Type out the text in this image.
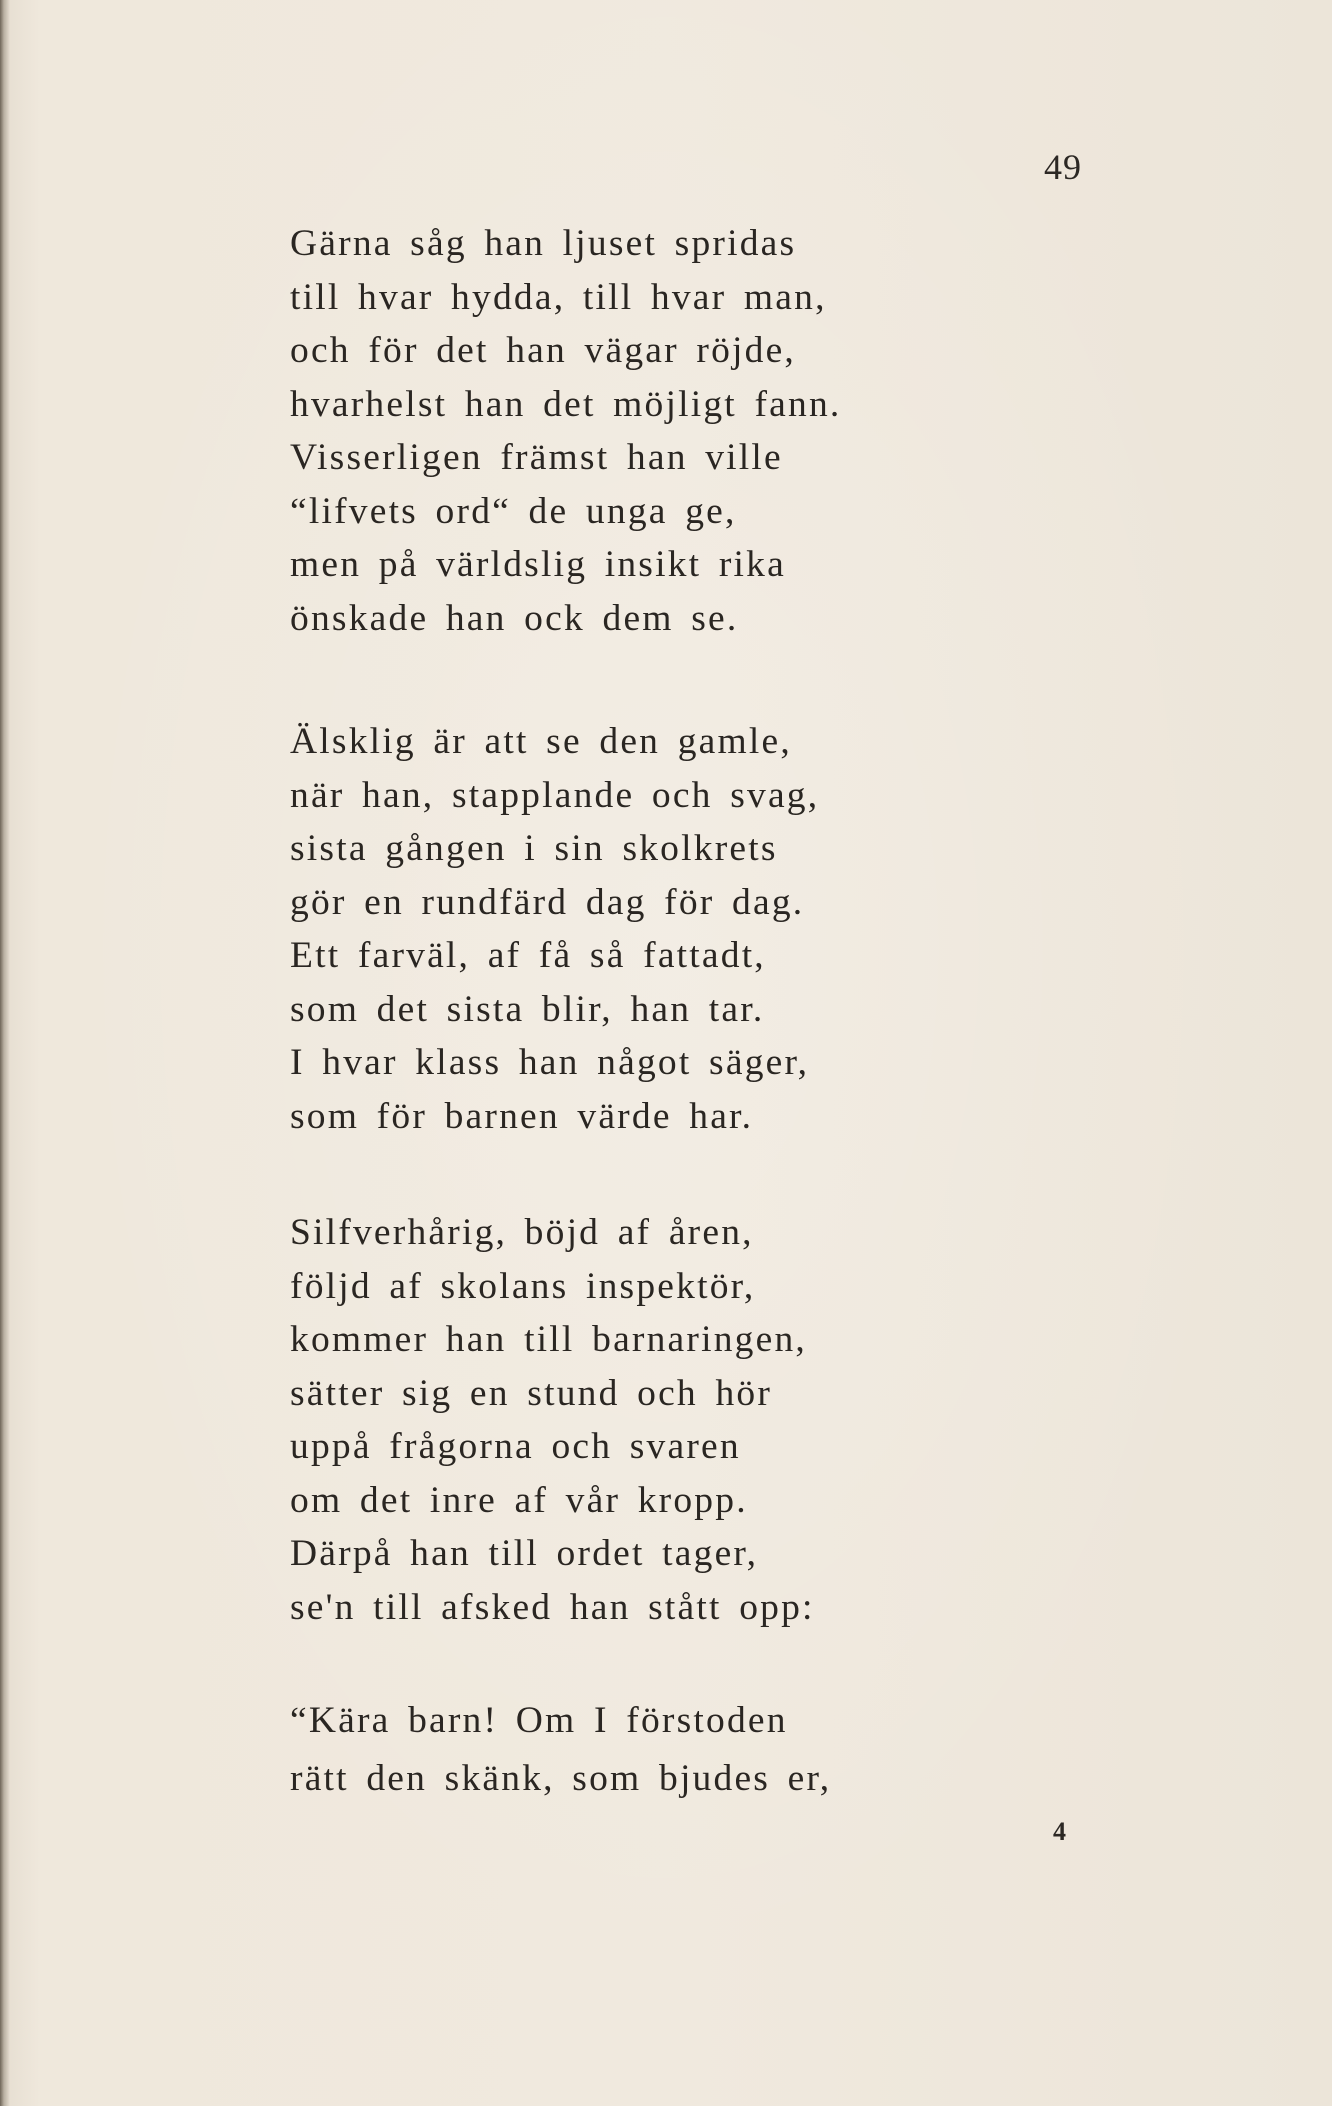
49
Gärna såg han ljuset spridas
till hvar hydda, till hvar man,
och för det han vägar röjde,
hvarhelst han det möjligt fann.
Visserligen främst han ville
“lifvets ord“ de unga ge,
men på världslig insikt rika
önskade han ock dem se.
Älsklig är att se den gamle,
när han, stapplande och svag,
sista gången i sin skolkrets
gör en rundfärd dag för dag.
Ett farväl, af få så fattadt,
som det sista blir, han tar.
I hvar klass han något säger,
som för barnen värde har.
Silfverhårig, böjd af åren,
följd af skolans inspektör,
kommer han till barnaringen,
sätter sig en stund och hör
uppå frågorna och svaren
om det inre af vår kropp.
Därpå han till ordet tager,
se'n till afsked han stått opp:
“Kära barn! Om I förstoden
rätt den skänk, som bjudes er,
4
